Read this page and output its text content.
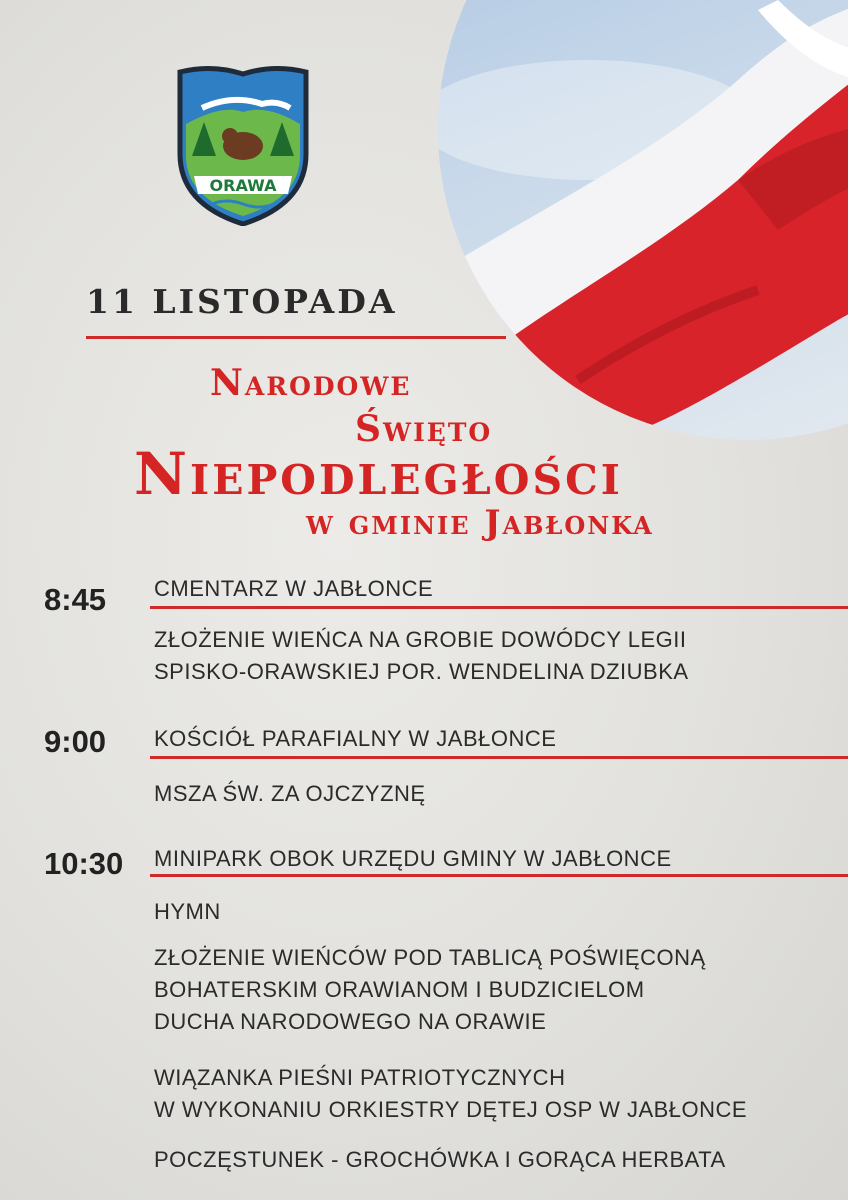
ORAWA
11 LISTOPADA
Narodowe
Święto
Niepodległości
w gminie Jabłonka
8:45 CMENTARZ W JABŁONCE
ZŁOŻENIE WIEŃCA NA GROBIE DOWÓDCY LEGII
SPISKO-ORAWSKIEJ POR. WENDELINA DZIUBKA
9:00 KOŚCIÓŁ PARAFIALNY W JABŁONCE
MSZA ŚW. ZA OJCZYZNĘ
10:30 MINIPARK OBOK URZĘDU GMINY W JABŁONCE
HYMN
ZŁOŻENIE WIEŃCÓW POD TABLICĄ POŚWIĘCONĄ
BOHATERSKIM ORAWIANOM I BUDZICIELOM
DUCHA NARODOWEGO NA ORAWIE
WIĄZANKA PIEŚNI PATRIOTYCZNYCH
W WYKONANIU ORKIESTRY DĘTEJ OSP W JABŁONCE
POCZĘSTUNEK - GROCHÓWKA I GORĄCA HERBATA
